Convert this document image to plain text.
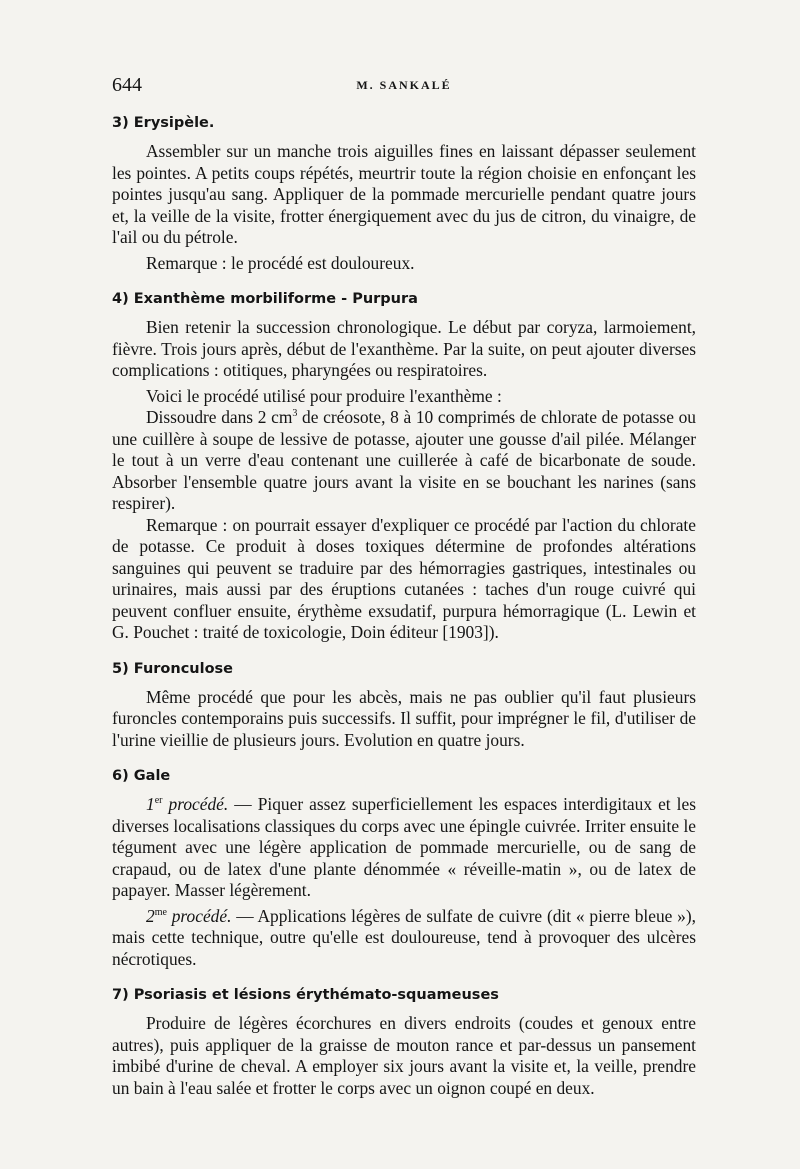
644	M. SANKALÉ
3) Erysipèle.

Assembler sur un manche trois aiguilles fines en laissant dépasser seulement les pointes. A petits coups répétés, meurtrir toute la région choisie en enfonçant les pointes jusqu'au sang. Appliquer de la pommade mercurielle pendant quatre jours et, la veille de la visite, frotter énergiquement avec du jus de citron, du vinaigre, de l'ail ou du pétrole.

Remarque : le procédé est douloureux.

4) Exanthème morbiliforme - Purpura

Bien retenir la succession chronologique. Le début par coryza, larmoiement, fièvre. Trois jours après, début de l'exanthème. Par la suite, on peut ajouter diverses complications : otitiques, pharyngées ou respiratoires.

Voici le procédé utilisé pour produire l'exanthème :

Dissoudre dans 2 $cm^3$ de créosote, 8 à 10 comprimés de chlorate de potasse ou une cuillère à soupe de lessive de potasse, ajouter une gousse d'ail pilée. Mélanger le tout à un verre d'eau contenant une cuillerée à café de bicarbonate de soude. Absorber l'ensemble quatre jours avant la visite en se bouchant les narines (sans respirer).

Remarque : on pourrait essayer d'expliquer ce procédé par l'action du chlorate de potasse. Ce produit à doses toxiques détermine de profondes altérations sanguines qui peuvent se traduire par des hémorragies gastriques, intestinales ou urinaires, mais aussi par des éruptions cutanées : taches d'un rouge cuivré qui peuvent confluer ensuite, érythème exsudatif, purpura hémorragique (L. Lewin et G. Pouchet : traité de toxicologie, Doin éditeur [1903]).

5) Furonculose

Même procédé que pour les abcès, mais ne pas oublier qu'il faut plusieurs furoncles contemporains puis successifs. Il suffit, pour imprégner le fil, d'utiliser de l'urine vieillie de plusieurs jours. Evolution en quatre jours.

6) Gale

1er procédé. — Piquer assez superficiellement les espaces interdigitaux et les diverses localisations classiques du corps avec une épingle cuivrée. Irriter ensuite le tégument avec une légère application de pommade mercurielle, ou de sang de crapaud, ou de latex d'une plante dénommée « réveille-matin », ou de latex de papayer. Masser légèrement.

$2^{me}$ procédé. — Applications légères de sulfate de cuivre (dit « pierre bleue »), mais cette technique, outre qu'elle est douloureuse, tend à provoquer des ulcères nécrotiques.

7) Psoriasis et lésions érythémato-squameuses

Produire de légères écorchures en divers endroits (coudes et genoux entre autres), puis appliquer de la graisse de mouton rance et par-dessus un pansement imbibé d'urine de cheval. A employer six jours avant la visite et, la veille, prendre un bain à l'eau salée et frotter le corps avec un oignon coupé en deux.
